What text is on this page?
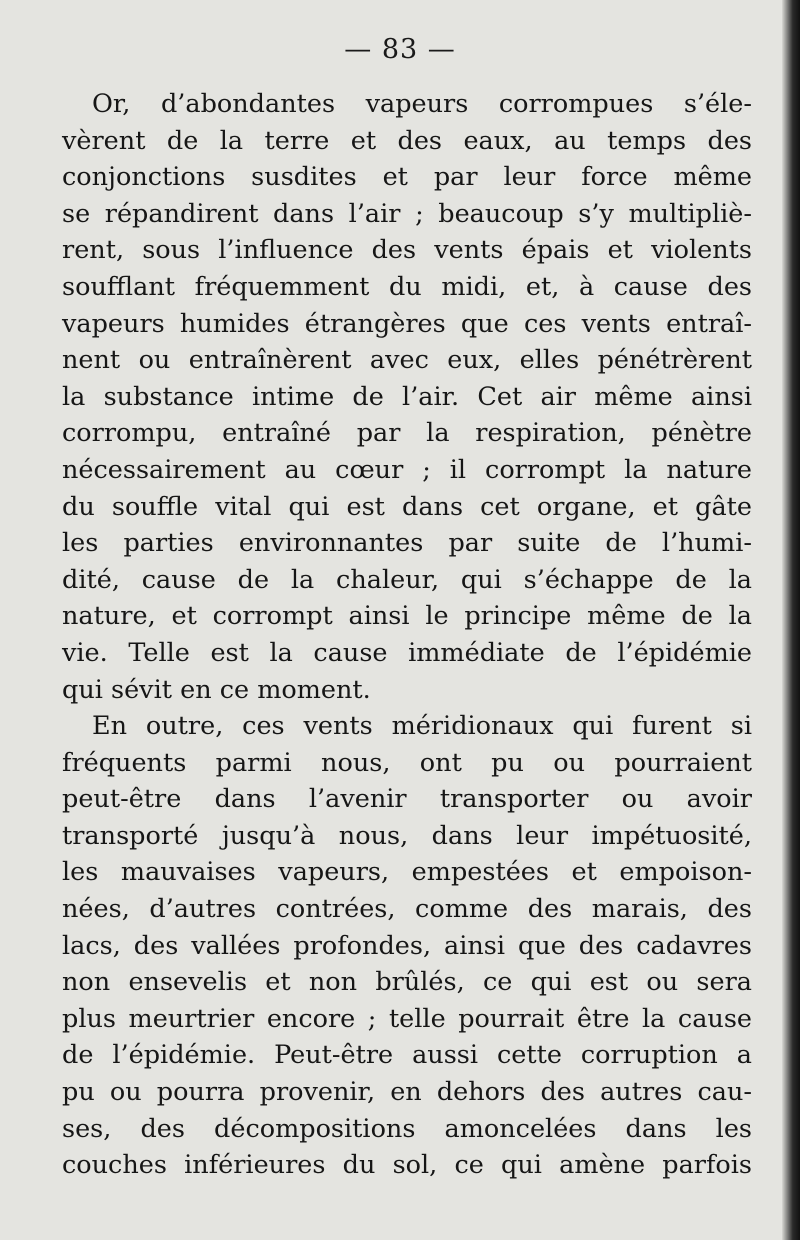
— 83 —
Or, d’abondantes vapeurs corrompues s’éle-
vèrent de la terre et des eaux, au temps des
conjonctions susdites et par leur force même
se répandirent dans l’air ; beaucoup s’y multipliè-
rent, sous l’influence des vents épais et violents
soufflant fréquemment du midi, et, à cause des
vapeurs humides étrangères que ces vents entraî-
nent ou entraînèrent avec eux, elles pénétrèrent
la substance intime de l’air. Cet air même ainsi
corrompu, entraîné par la respiration, pénètre
nécessairement au cœur ; il corrompt la nature
du souffle vital qui est dans cet organe, et gâte
les parties environnantes par suite de l’humi-
dité, cause de la chaleur, qui s’échappe de la
nature, et corrompt ainsi le principe même de la
vie. Telle est la cause immédiate de l’épidémie
qui sévit en ce moment.
En outre, ces vents méridionaux qui furent si
fréquents parmi nous, ont pu ou pourraient
peut-être dans l’avenir transporter ou avoir
transporté jusqu’à nous, dans leur impétuosité,
les mauvaises vapeurs, empestées et empoison-
nées, d’autres contrées, comme des marais, des
lacs, des vallées profondes, ainsi que des cadavres
non ensevelis et non brûlés, ce qui est ou sera
plus meurtrier encore ; telle pourrait être la cause
de l’épidémie. Peut-être aussi cette corruption a
pu ou pourra provenir, en dehors des autres cau-
ses, des décompositions amoncelées dans les
couches inférieures du sol, ce qui amène parfois
